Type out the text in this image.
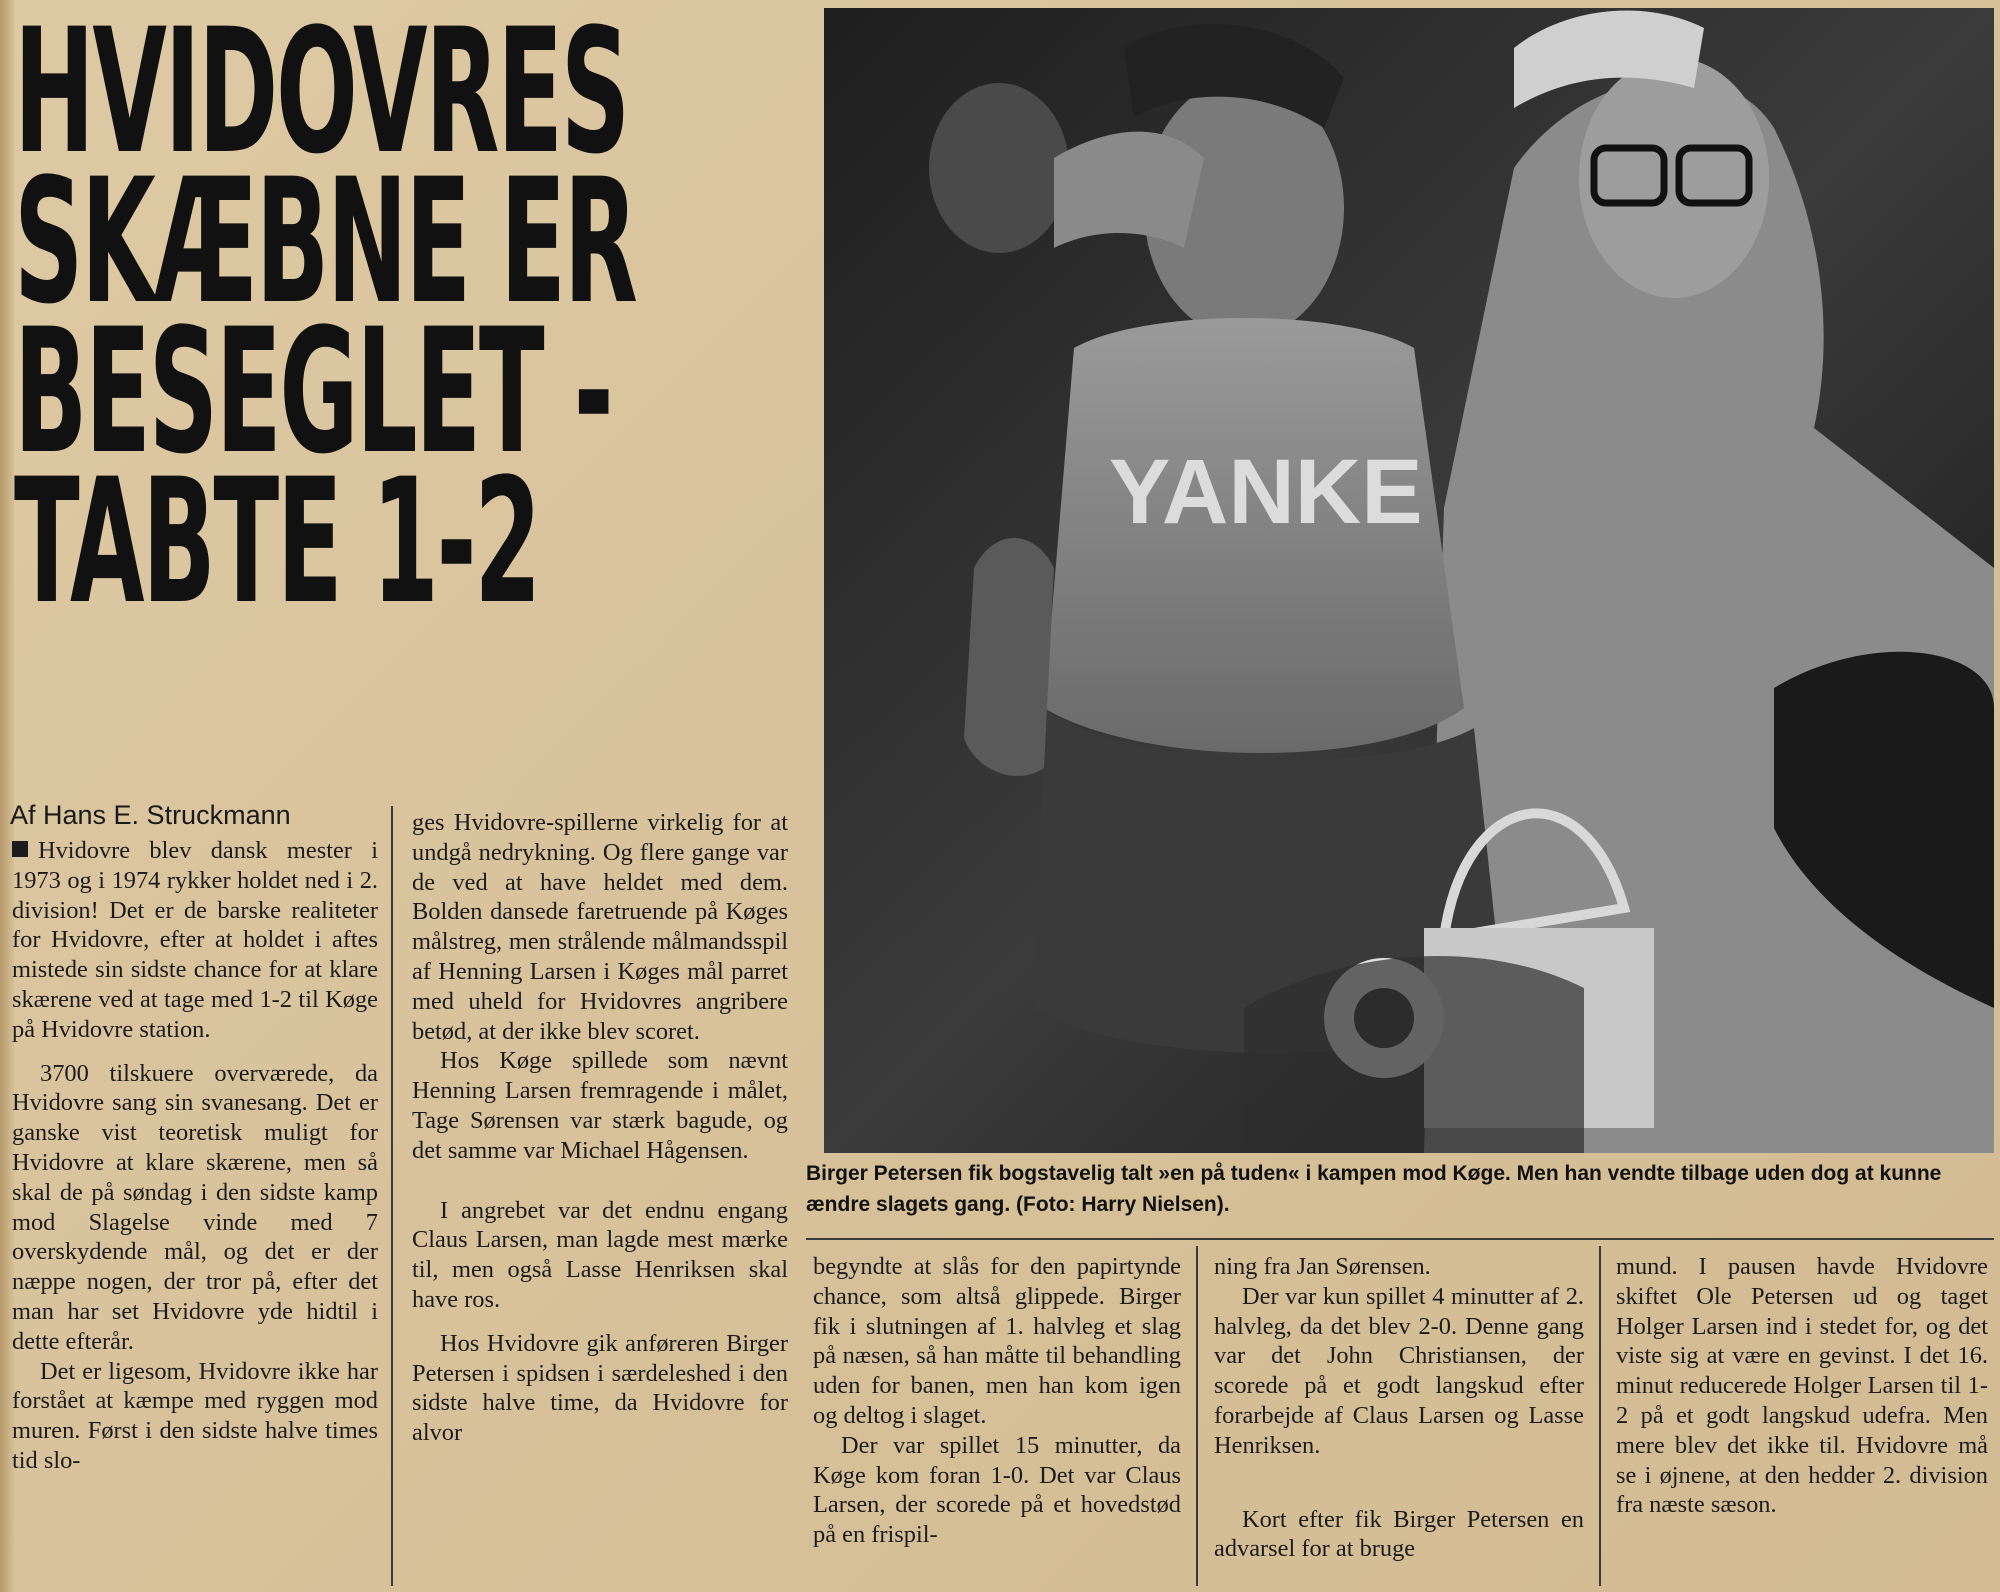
HVIDOVRES
SKÆBNE ER
BESEGLET -
TABTE 1-2
Af Hans E. Struckmann

Hvidovre blev dansk mester i 1973 og i 1974 rykker holdet ned i 2. division! Det er de barske realiteter for Hvidovre, efter at holdet i aftes mistede sin sidste chance for at klare skærene ved at tage med 1-2 til Køge på Hvidovre station.

3700 tilskuere overværede, da Hvidovre sang sin svanesang. Det er ganske vist teoretisk muligt for Hvidovre at klare skærene, men så skal de på søndag i den sidste kamp mod Slagelse vinde med 7 overskydende mål, og det er der næppe nogen, der tror på, efter det man har set Hvidovre yde hidtil i dette efterår.

Det er ligesom, Hvidovre ikke har forstået at kæmpe med ryggen mod muren. Først i den sidste halve times tid slo-

ges Hvidovre-spillerne virkelig for at undgå nedrykning. Og flere gange var de ved at have heldet med dem. Bolden dansede faretruende på Køges målstreg, men strålende målmandsspil af Henning Larsen i Køges mål parret med uheld for Hvidovres angribere betød, at der ikke blev scoret.

Hos Køge spillede som nævnt Henning Larsen fremragende i målet, Tage Sørensen var stærk bagude, og det samme var Michael Hågensen.

I angrebet var det endnu engang Claus Larsen, man lagde mest mærke til, men også Lasse Henriksen skal have ros.

Hos Hvidovre gik anføreren Birger Petersen i spidsen i særdeleshed i den sidste halve time, da Hvidovre for alvor

YANKE
Birger Petersen fik bogstavelig talt »en på tuden« i kampen mod Køge. Men han vendte tilbage uden dog at kunne ændre slagets gang. (Foto: Harry Nielsen).

begyndte at slås for den papirtynde chance, som altså glippede. Birger fik i slutningen af 1. halvleg et slag på næsen, så han måtte til behandling uden for banen, men han kom igen og deltog i slaget.

Der var spillet 15 minutter, da Køge kom foran 1-0. Det var Claus Larsen, der scorede på et hovedstød på en frispil-

ning fra Jan Sørensen.

Der var kun spillet 4 minutter af 2. halvleg, da det blev 2-0. Denne gang var det John Christiansen, der scorede på et godt langskud efter forarbejde af Claus Larsen og Lasse Henriksen.

Kort efter fik Birger Petersen en advarsel for at bruge

mund. I pausen havde Hvidovre skiftet Ole Petersen ud og taget Holger Larsen ind i stedet for, og det viste sig at være en gevinst. I det 16. minut reducerede Holger Larsen til 1-2 på et godt langskud udefra. Men mere blev det ikke til. Hvidovre må se i øjnene, at den hedder 2. division fra næste sæson.
